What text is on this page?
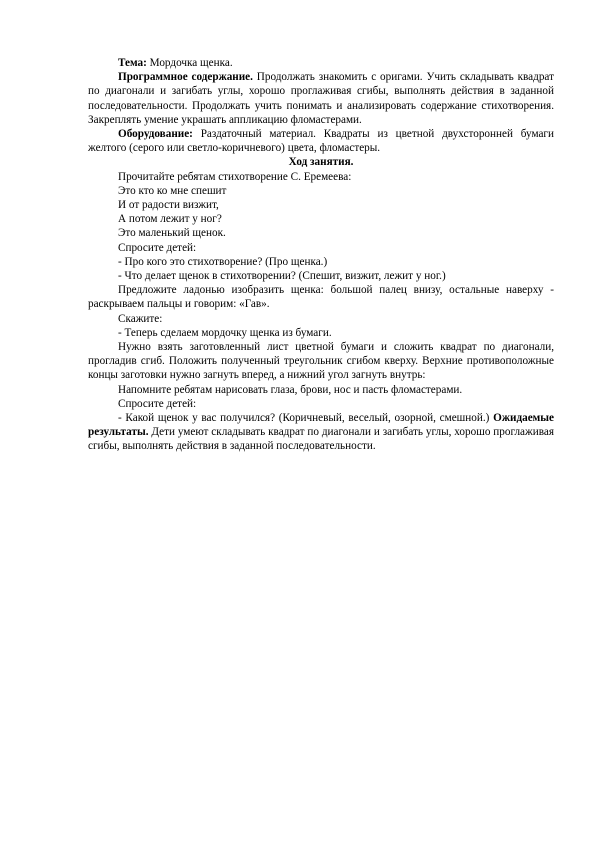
Тема: Мордочка щенка.

Программное содержание. Продолжать знакомить с оригами. Учить складывать квадрат по диагонали и загибать углы, хорошо проглаживая сгибы, выполнять действия в заданной последовательности. Продолжать учить понимать и анализировать содержание стихотворения. Закреплять умение украшать аппликацию фломастерами.

Оборудование: Раздаточный материал. Квадраты из цветной двухсторонней бумаги желтого (серого или светло-коричневого) цвета, фломастеры.

Ход занятия.

Прочитайте ребятам стихотворение С. Еремеева:

Это кто ко мне спешит

И от радости визжит,

А потом лежит у ног?

Это маленький щенок.

Спросите детей:

- Про кого это стихотворение? (Про щенка.)

- Что делает щенок в стихотворении? (Спешит, визжит, лежит у ног.)

Предложите ладонью изобразить щенка: большой палец внизу, остальные наверху - раскрываем пальцы и говорим: «Гав».

Скажите:

- Теперь сделаем мордочку щенка из бумаги.

Нужно взять заготовленный лист цветной бумаги и сложить квадрат по диагонали, прогладив сгиб. Положить полученный треугольник сгибом кверху. Верхние противоположные концы заготовки нужно загнуть вперед, а нижний угол загнуть внутрь:

Напомните ребятам нарисовать глаза, брови, нос и пасть фломастерами.

Спросите детей:

- Какой щенок у вас получился? (Коричневый, веселый, озорной, смешной.) Ожидаемые результаты. Дети умеют складывать квадрат по диагонали и загибать углы, хорошо проглаживая сгибы, выполнять действия в заданной последовательности.
